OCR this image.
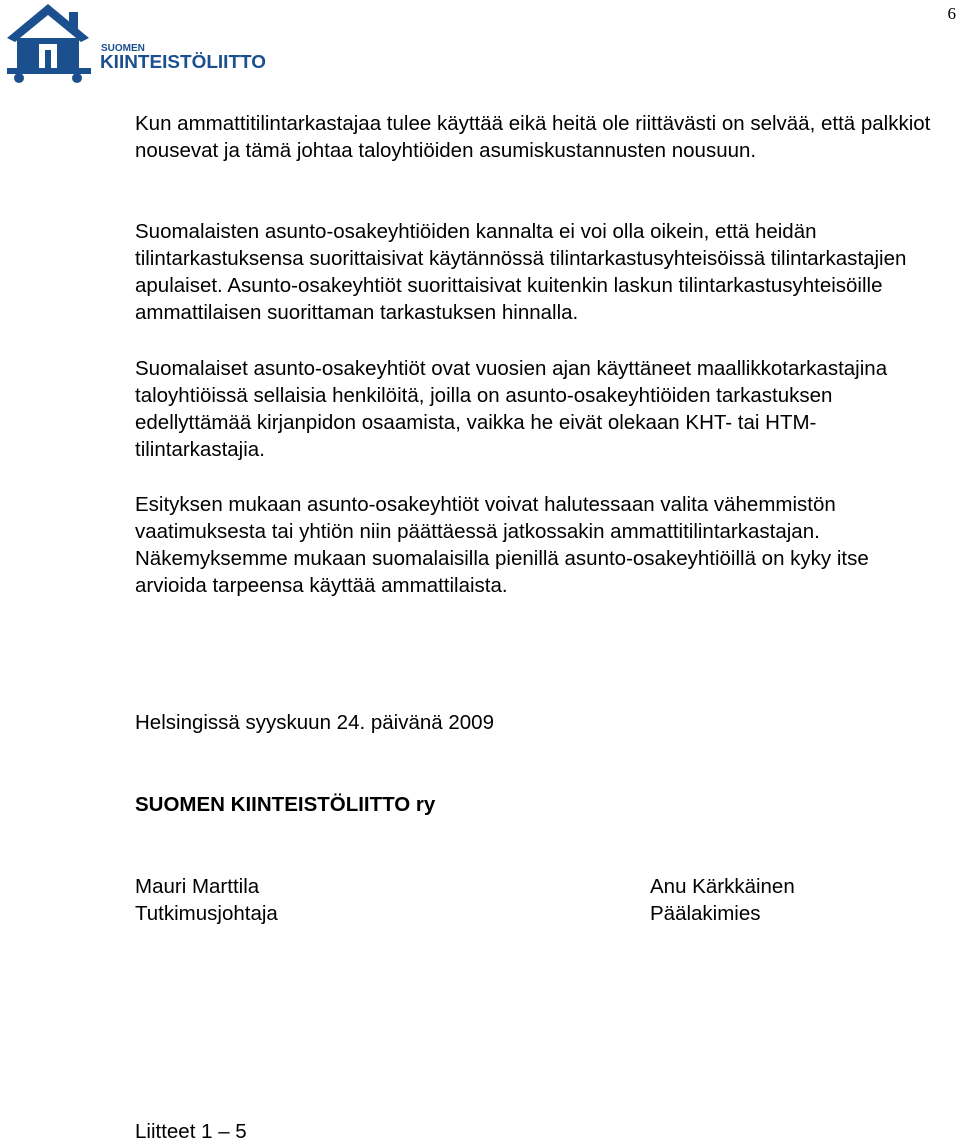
6
SUOMEN
KIINTEISTÖLIITTO
Kun ammattitilintarkastajaa tulee käyttää eikä heitä ole riittävästi on selvää, että palkkiot nousevat ja tämä johtaa taloyhtiöiden asumiskustannusten nousuun.
Suomalaisten asunto-osakeyhtiöiden kannalta ei voi olla oikein, että heidän tilintarkastuksensa suorittaisivat käytännössä tilintarkastusyhteisöissä tilintarkastajien apulaiset. Asunto-osakeyhtiöt suorittaisivat kuitenkin laskun tilintarkastusyhteisöille ammattilaisen suorittaman tarkastuksen hinnalla.
Suomalaiset asunto-osakeyhtiöt ovat vuosien ajan käyttäneet maallikkotarkastajina taloyhtiöissä sellaisia henkilöitä, joilla on asunto-osakeyhtiöiden tarkastuksen edellyttämää kirjanpidon osaamista, vaikka he eivät olekaan KHT- tai HTM-tilintarkastajia.
Esityksen mukaan asunto-osakeyhtiöt voivat halutessaan valita vähemmistön vaatimuksesta tai yhtiön niin päättäessä jatkossakin ammattitilintarkastajan. Näkemyksemme mukaan suomalaisilla pienillä asunto-osakeyhtiöillä on kyky itse arvioida tarpeensa käyttää ammattilaista.
Helsingissä syyskuun 24. päivänä 2009
SUOMEN KIINTEISTÖLIITTO ry
Mauri Marttila
Tutkimusjohtaja
Anu Kärkkäinen
Päälakimies
Liitteet 1 – 5
